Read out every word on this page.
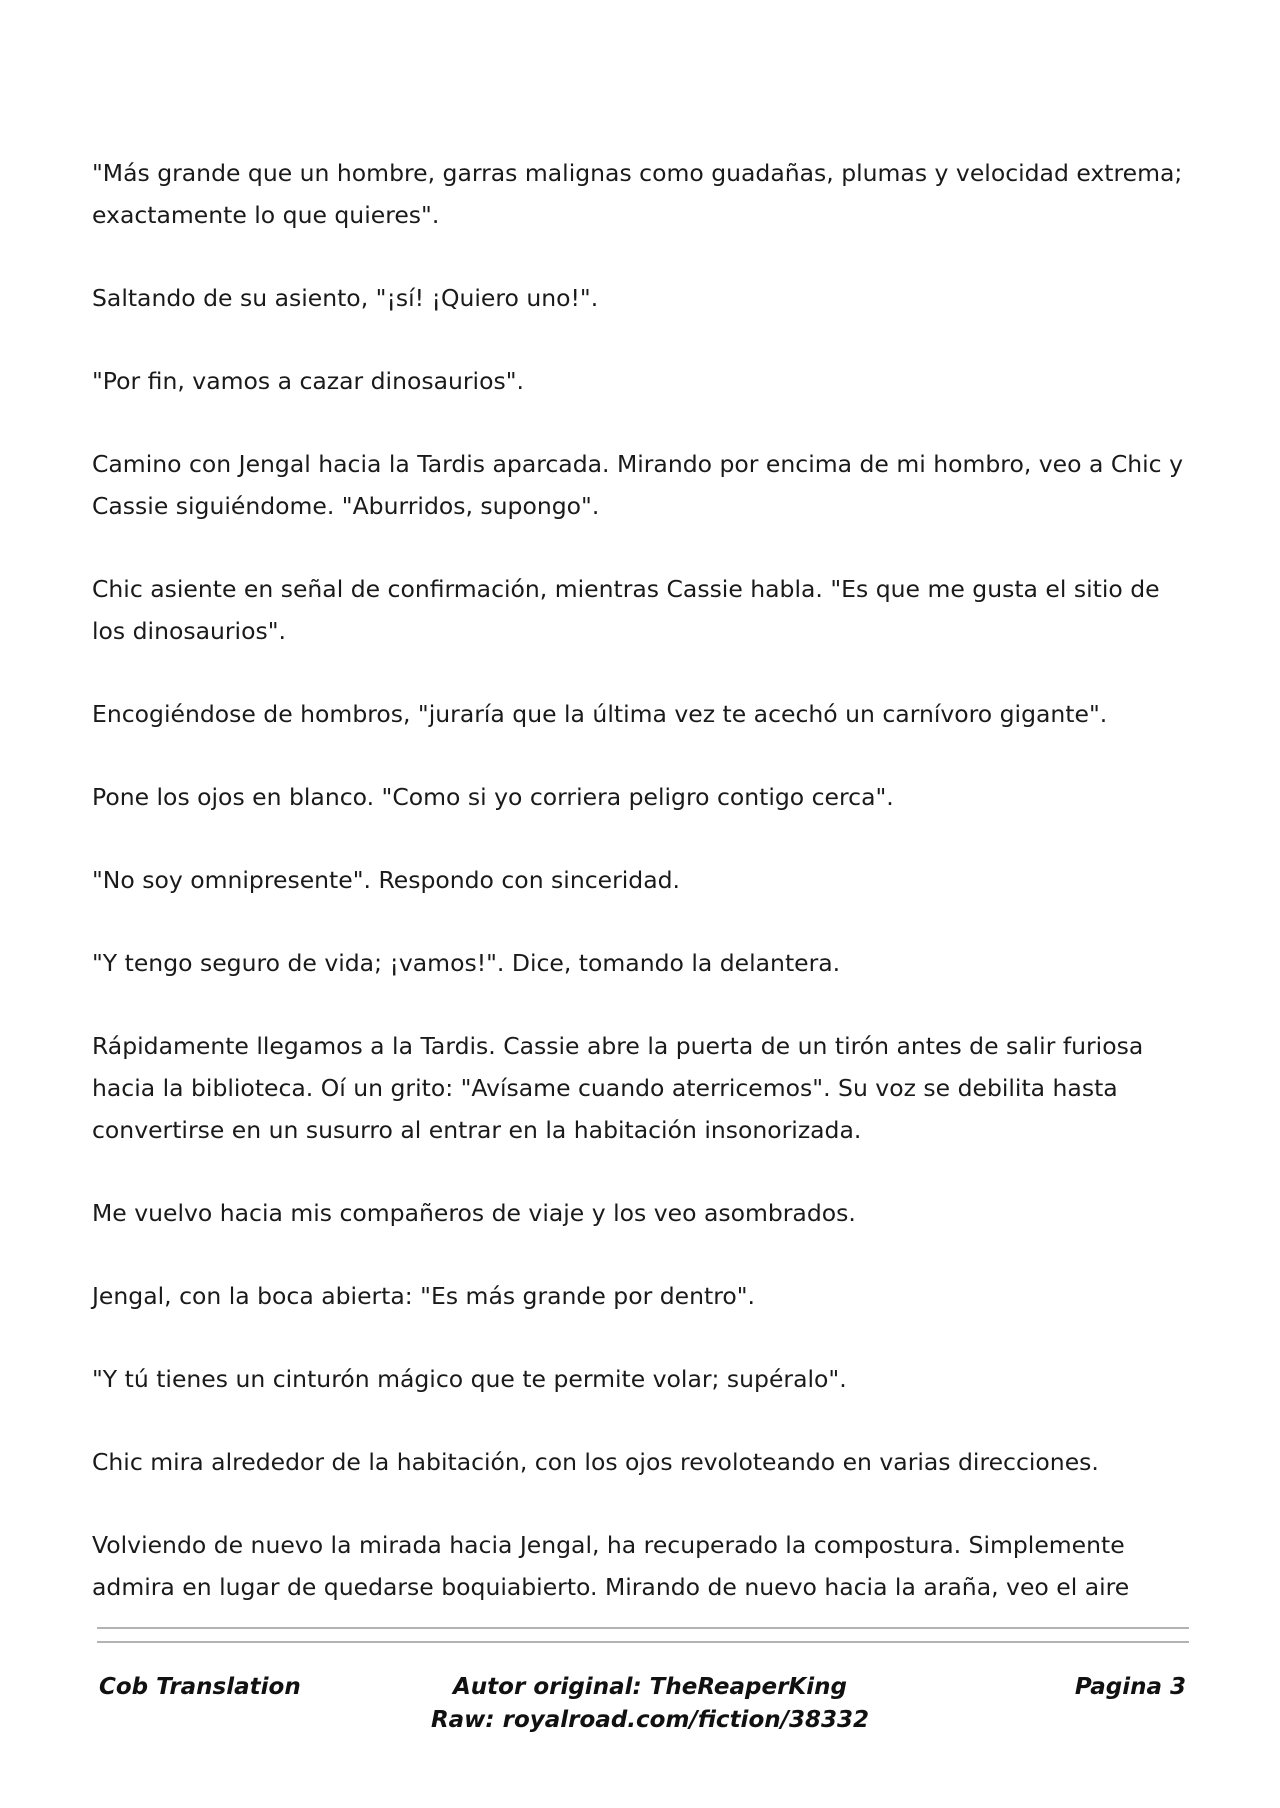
"Más grande que un hombre, garras malignas como guadañas, plumas y velocidad extrema; exactamente lo que quieres".

Saltando de su asiento, "¡sí! ¡Quiero uno!".

"Por fin, vamos a cazar dinosaurios".

Camino con Jengal hacia la Tardis aparcada. Mirando por encima de mi hombro, veo a Chic y Cassie siguiéndome. "Aburridos, supongo".

Chic asiente en señal de confirmación, mientras Cassie habla. "Es que me gusta el sitio de los dinosaurios".

Encogiéndose de hombros, "juraría que la última vez te acechó un carnívoro gigante".

Pone los ojos en blanco. "Como si yo corriera peligro contigo cerca".

"No soy omnipresente". Respondo con sinceridad.

"Y tengo seguro de vida; ¡vamos!". Dice, tomando la delantera.

Rápidamente llegamos a la Tardis. Cassie abre la puerta de un tirón antes de salir furiosa hacia la biblioteca. Oí un grito: "Avísame cuando aterricemos". Su voz se debilita hasta convertirse en un susurro al entrar en la habitación insonorizada.

Me vuelvo hacia mis compañeros de viaje y los veo asombrados.

Jengal, con la boca abierta: "Es más grande por dentro".

"Y tú tienes un cinturón mágico que te permite volar; supéralo".

Chic mira alrededor de la habitación, con los ojos revoloteando en varias direcciones.

Volviendo de nuevo la mirada hacia Jengal, ha recuperado la compostura. Simplemente admira en lugar de quedarse boquiabierto. Mirando de nuevo hacia la araña, veo el aire

Cob Translation	Autor original: TheReaperKing
Raw: royalroad.com/fiction/38332
Pagina 3
